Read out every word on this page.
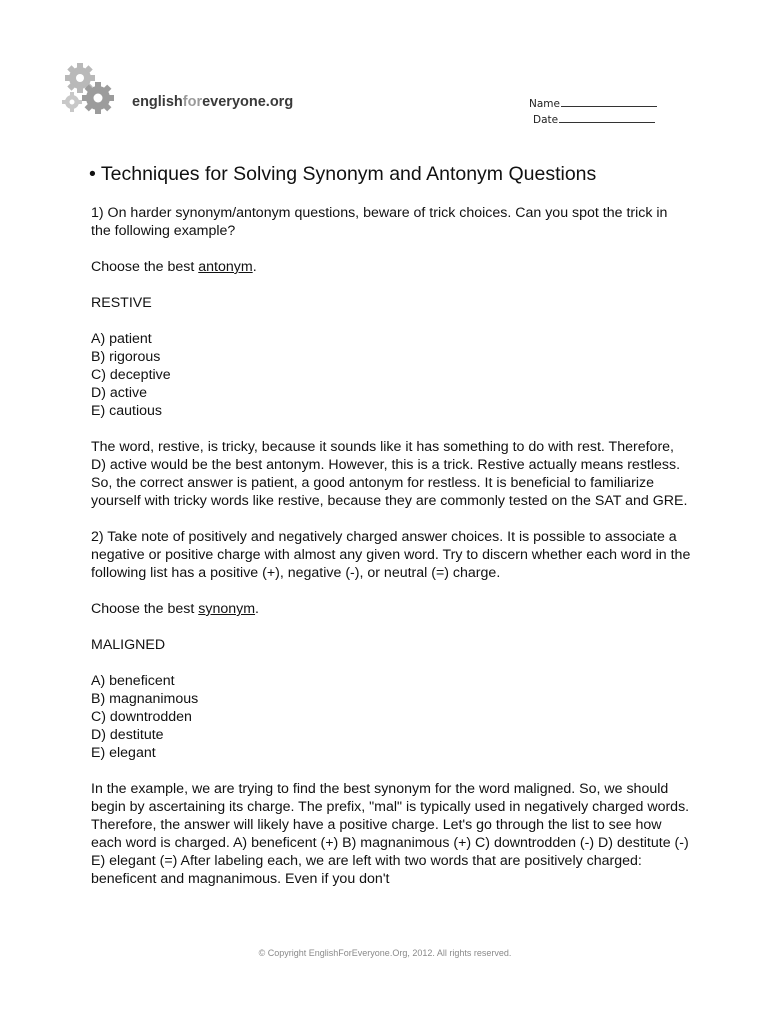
englishforeveryone.org	Name
Date
• Techniques for Solving Synonym and Antonym Questions

1) On harder synonym/antonym questions, beware of trick choices. Can you spot the trick in the following example?

Choose the best antonym.

RESTIVE

A) patient
B) rigorous
C) deceptive
D) active
E) cautious

The word, restive, is tricky, because it sounds like it has something to do with rest. Therefore, D) active would be the best antonym. However, this is a trick. Restive actually means restless. So, the correct answer is patient, a good antonym for restless. It is beneficial to familiarize yourself with tricky words like restive, because they are commonly tested on the SAT and GRE.

2) Take note of positively and negatively charged answer choices. It is possible to associate a negative or positive charge with almost any given word. Try to discern whether each word in the following list has a positive (+), negative (-), or neutral (=) charge.

Choose the best synonym.

MALIGNED

A) beneficent
B) magnanimous
C) downtrodden
D) destitute
E) elegant

In the example, we are trying to find the best synonym for the word maligned. So, we should begin by ascertaining its charge. The prefix, "mal" is typically used in negatively charged words. Therefore, the answer will likely have a positive charge. Let's go through the list to see how each word is charged. A) beneficent (+) B) magnanimous (+) C) downtrodden (-) D) destitute (-) E) elegant (=) After labeling each, we are left with two words that are positively charged: beneficent and magnanimous. Even if you don't

© Copyright EnglishForEveryone.Org, 2012. All rights reserved.
